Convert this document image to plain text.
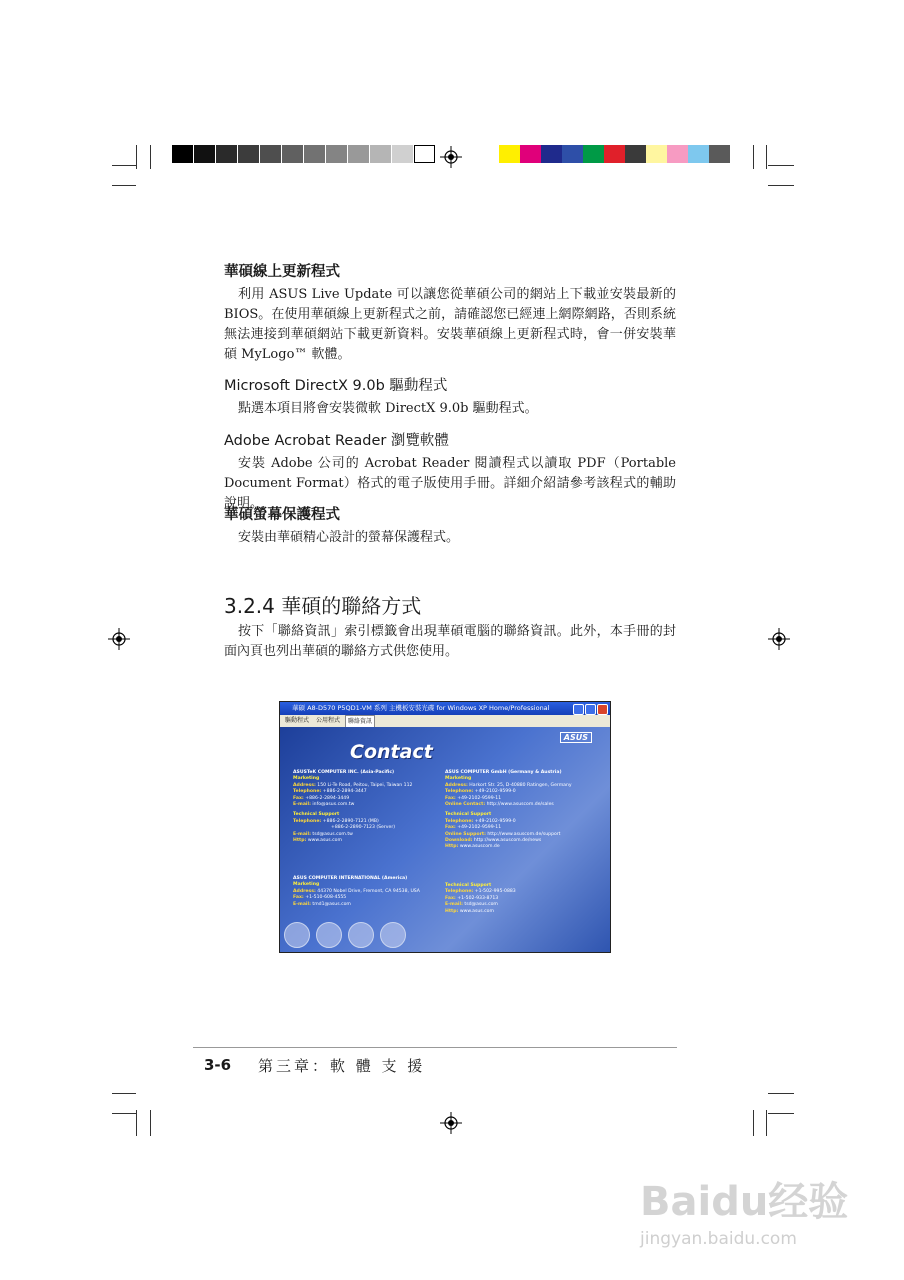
華碩線上更新程式
利用 ASUS Live Update 可以讓您從華碩公司的網站上下載並安裝最新的 BIOS。在使用華碩線上更新程式之前，請確認您已經連上網際網路，否則系統無法連接到華碩網站下載更新資料。安裝華碩線上更新程式時，會一併安裝華碩 MyLogo™ 軟體。
Microsoft DirectX 9.0b 驅動程式
點選本項目將會安裝微軟 DirectX 9.0b 驅動程式。
Adobe Acrobat Reader 瀏覽軟體
安裝 Adobe 公司的 Acrobat Reader 閱讀程式以讀取 PDF（Portable Document Format）格式的電子版使用手冊。詳細介紹請參考該程式的輔助說明。
華碩螢幕保護程式
安裝由華碩精心設計的螢幕保護程式。
3.2.4 華碩的聯絡方式
按下「聯絡資訊」索引標籤會出現華碩電腦的聯絡資訊。此外，本手冊的封面內頁也列出華碩的聯絡方式供您使用。
華碩 A8-D570 P5QD1-VM 系列 主機板安裝光碟 for Windows XP Home/Professional
驅動程式	公用程式	聯絡資訊
Contact
ASUS
ASUSTeK COMPUTER INC. (Asia-Pacific)
Marketing
Address: 150 Li-Te Road, Peitou, Taipei, Taiwan 112
Telephone: +886-2-2894-3447
Fax: +886-2-2894-3449
E-mail: info@asus.com.tw
Technical Support
Telephone: +886-2-2890-7121 (MB)
+886-2-2890-7123 (Server)
E-mail: tsd@asus.com.tw
Http: www.asus.com
ASUS COMPUTER GmbH (Germany & Austria)
Marketing
Address: Harkort Str. 25, D-40880 Ratingen, Germany
Telephone: +49-2102-9599-0
Fax: +49-2102-9599-11
Online Contact: http://www.asuscom.de/sales
Technical Support
Telephone: +49-2102-9599-0
Fax: +49-2102-9599-11
Online Support: http://www.asuscom.de/support
Download: http://www.asuscom.de/news
Http: www.asuscom.de
ASUS COMPUTER INTERNATIONAL (America)
Marketing
Address: 44370 Nobel Drive, Fremont, CA 94538, USA
Fax: +1-510-608-4555
E-mail: tmd1@asus.com
Technical Support
Telephone: +1-502-995-0883
Fax: +1-502-933-8713
E-mail: tsd@asus.com
Http: www.asus.com
3-6 第三章：軟 體 支 援
Baidu经验
jingyan.baidu.com
